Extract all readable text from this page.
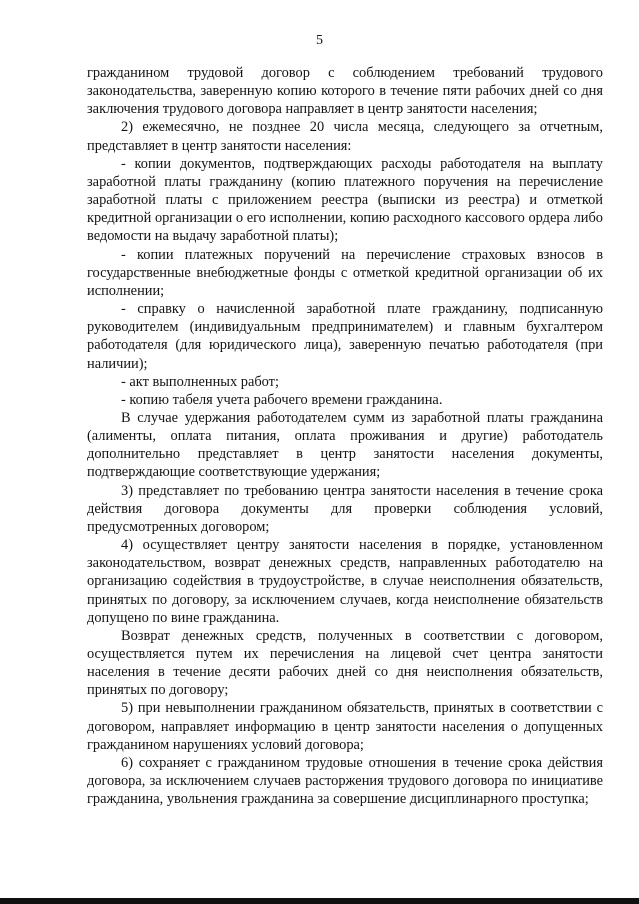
5

гражданином трудовой договор с соблюдением требований трудового законодательства, заверенную копию которого в течение пяти рабочих дней со дня заключения трудового договора направляет в центр занятости населения;

2) ежемесячно, не позднее 20 числа месяца, следующего за отчетным, представляет в центр занятости населения:

- копии документов, подтверждающих расходы работодателя на выплату заработной платы гражданину (копию платежного поручения на перечисление заработной платы с приложением реестра (выписки из реестра) и отметкой кредитной организации о его исполнении, копию расходного кассового ордера либо ведомости на выдачу заработной платы);

- копии платежных поручений на перечисление страховых взносов в государственные внебюджетные фонды с отметкой кредитной организации об их исполнении;

- справку о начисленной заработной плате гражданину, подписанную руководителем (индивидуальным предпринимателем) и главным бухгалтером работодателя (для юридического лица), заверенную печатью работодателя (при наличии);

- акт выполненных работ;

- копию табеля учета рабочего времени гражданина.

В случае удержания работодателем сумм из заработной платы гражданина (алименты, оплата питания, оплата проживания и другие) работодатель дополнительно представляет в центр занятости населения документы, подтверждающие соответствующие удержания;

3) представляет по требованию центра занятости населения в течение срока действия договора документы для проверки соблюдения условий, предусмотренных договором;

4) осуществляет центру занятости населения в порядке, установленном законодательством, возврат денежных средств, направленных работодателю на организацию содействия в трудоустройстве, в случае неисполнения обязательств, принятых по договору, за исключением случаев, когда неисполнение обязательств допущено по вине гражданина.

Возврат денежных средств, полученных в соответствии с договором, осуществляется путем их перечисления на лицевой счет центра занятости населения в течение десяти рабочих дней со дня неисполнения обязательств, принятых по договору;

5) при невыполнении гражданином обязательств, принятых в соответствии с договором, направляет информацию в центр занятости населения о допущенных гражданином нарушениях условий договора;

6) сохраняет с гражданином трудовые отношения в течение срока действия договора, за исключением случаев расторжения трудового договора по инициативе гражданина, увольнения гражданина за совершение дисциплинарного проступка;
